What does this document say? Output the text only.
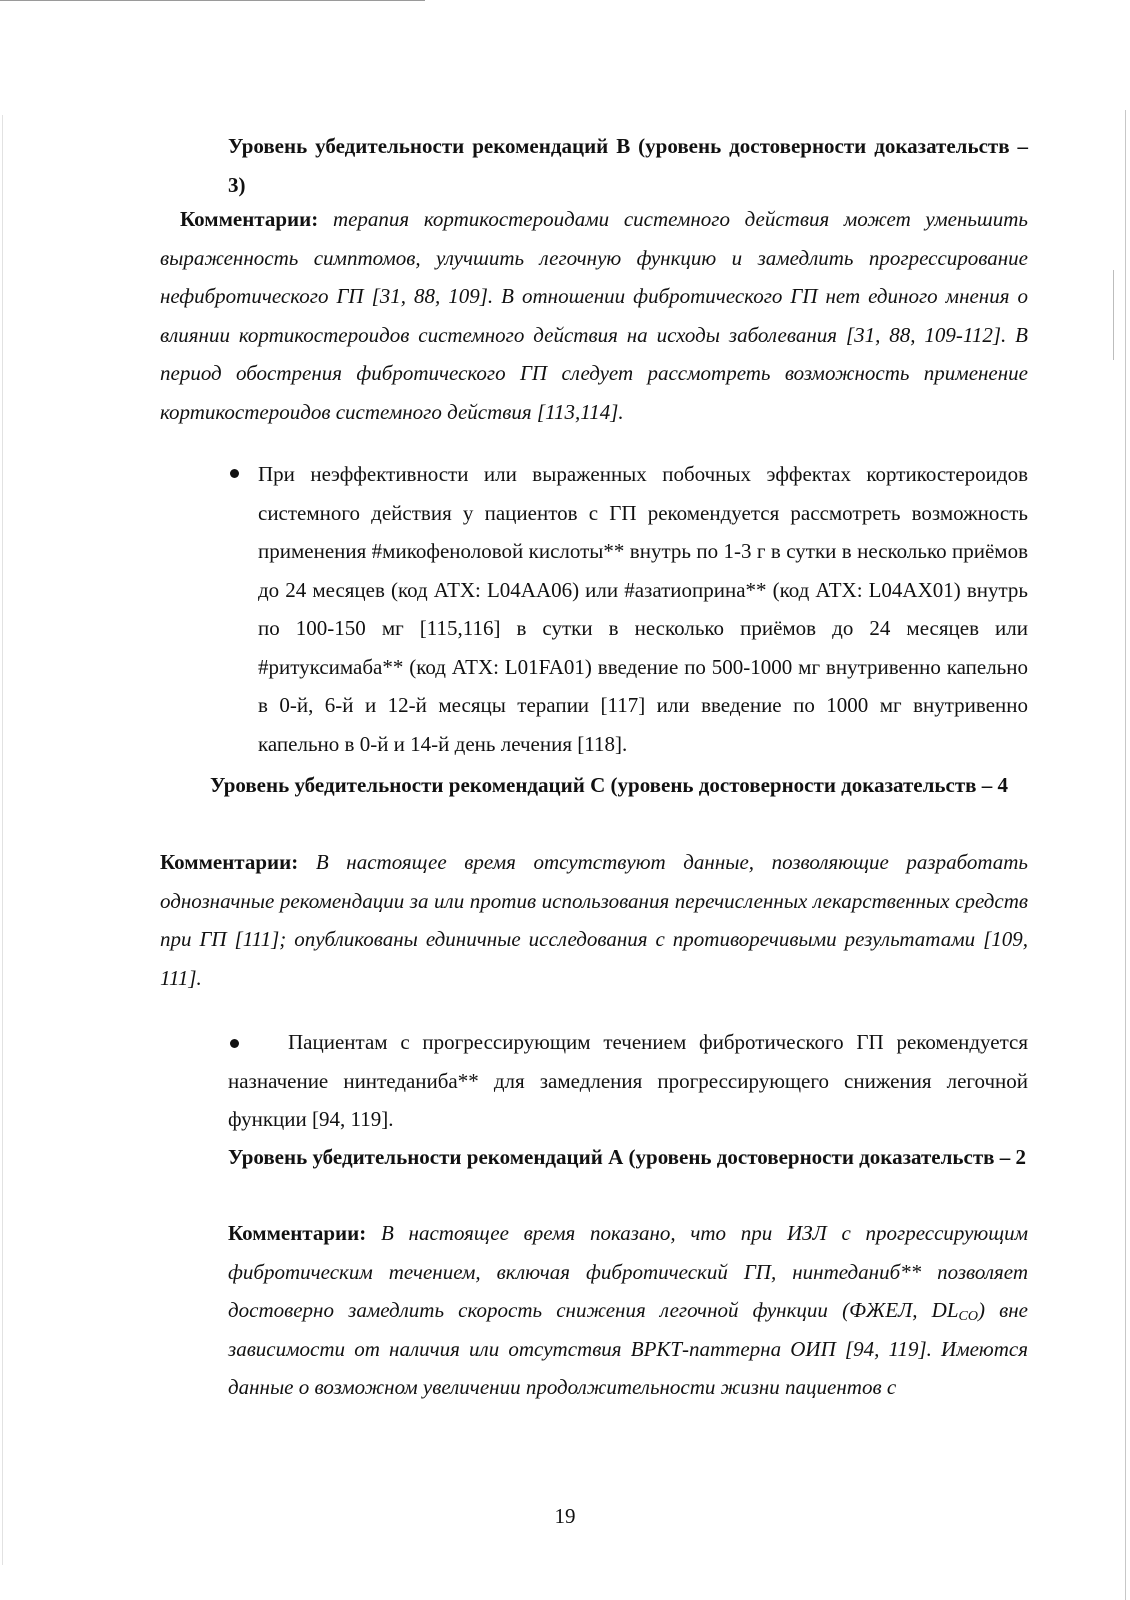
Уровень убедительности рекомендаций В (уровень достоверности доказательств – 3)

Комментарии: терапия кортикостероидами системного действия может уменьшить выраженность симптомов, улучшить легочную функцию и замедлить прогрессирование нефибротического ГП [31, 88, 109]. В отношении фибротического ГП нет единого мнения о влиянии кортикостероидов системного действия на исходы заболевания [31, 88, 109-112]. В период обострения фибротического ГП следует рассмотреть возможность применение кортикостероидов системного действия [113,114].

При неэффективности или выраженных побочных эффектах кортикостероидов системного действия у пациентов с ГП рекомендуется рассмотреть возможность применения #микофеноловой кислоты** внутрь по 1-3 г в сутки в несколько приёмов до 24 месяцев (код АТХ: L04AA06) или #азатиоприна** (код АТХ: L04AX01) внутрь по 100-150 мг [115,116] в сутки в несколько приёмов до 24 месяцев или #ритуксимаба** (код АТХ: L01FA01) введение по 500-1000 мг внутривенно капельно в 0-й, 6-й и 12-й месяцы терапии [117] или введение по 1000 мг внутривенно капельно в 0-й и 14-й день лечения [118].

Уровень убедительности рекомендаций С (уровень достоверности доказательств – 4

Комментарии: В настоящее время отсутствуют данные, позволяющие разработать однозначные рекомендации за или против использования перечисленных лекарственных средств при ГП [111]; опубликованы единичные исследования с противоречивыми результатами [109, 111].

Пациентам с прогрессирующим течением фибротического ГП рекомендуется назначение нинтеданиба** для замедления прогрессирующего снижения легочной функции [94, 119].

Уровень убедительности рекомендаций А (уровень достоверности доказательств – 2

Комментарии: В настоящее время показано, что при ИЗЛ с прогрессирующим фибротическим течением, включая фибротический ГП, нинтеданиб** позволяет достоверно замедлить скорость снижения легочной функции (ФЖЕЛ, $DL_{CO}$) вне зависимости от наличия или отсутствия ВРКТ-паттерна ОИП [94, 119]. Имеются данные о возможном увеличении продолжительности жизни пациентов с

19
